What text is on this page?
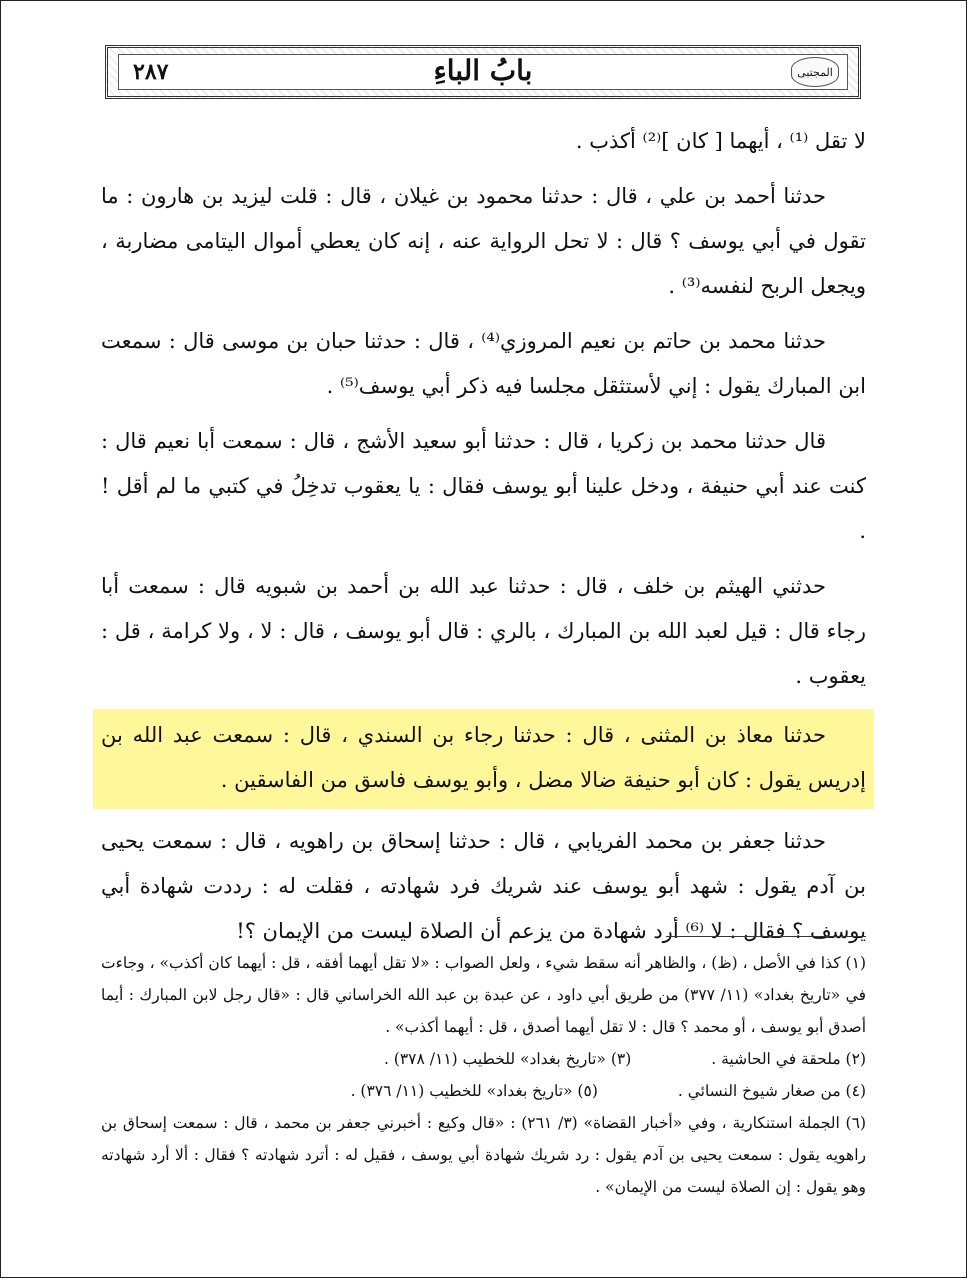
٢٨٧	بابُ الباءِ	المجتبى

لا تقل ⁽¹⁾ ، أيهما [ كان ]⁽²⁾ أكذب .

حدثنا أحمد بن علي ، قال : حدثنا محمود بن غيلان ، قال : قلت ليزيد بن هارون : ما تقول في أبي يوسف ؟ قال : لا تحل الرواية عنه ، إنه كان يعطي أموال اليتامى مضاربة ، ويجعل الربح لنفسه⁽³⁾ .

حدثنا محمد بن حاتم بن نعيم المروزي⁽⁴⁾ ، قال : حدثنا حبان بن موسى قال : سمعت ابن المبارك يقول : إني لأستثقل مجلسا فيه ذكر أبي يوسف⁽⁵⁾ .

قال حدثنا محمد بن زكريا ، قال : حدثنا أبو سعيد الأشج ، قال : سمعت أبا نعيم قال : كنت عند أبي حنيفة ، ودخل علينا أبو يوسف فقال : يا يعقوب تدخِلُ في كتبي ما لم أقل ! .

حدثني الهيثم بن خلف ، قال : حدثنا عبد الله بن أحمد بن شبويه قال : سمعت أبا رجاء قال : قيل لعبد الله بن المبارك ، بالري : قال أبو يوسف ، قال : لا ، ولا كرامة ، قل : يعقوب .

حدثنا معاذ بن المثنى ، قال : حدثنا رجاء بن السندي ، قال : سمعت عبد الله بن إدريس يقول : كان أبو حنيفة ضالا مضل ، وأبو يوسف فاسق من الفاسقين .

حدثنا جعفر بن محمد الفريابي ، قال : حدثنا إسحاق بن راهويه ، قال : سمعت يحيى بن آدم يقول : شهد أبو يوسف عند شريك فرد شهادته ، فقلت له : رددت شهادة أبي يوسف ؟ فقال : لا ⁽⁶⁾ أرد شهادة من يزعم أن الصلاة ليست من الإيمان ؟!

(١) كذا في الأصل ، (ظ) ، والظاهر أنه سقط شيء ، ولعل الصواب : «لا تقل أيهما أفقه ، قل : أيهما كان أكذب» ، وجاءت في «تاريخ بغداد» (١١/ ٣٧٧) من طريق أبي داود ، عن عبدة بن عبد الله الخراساني قال : «قال رجل لابن المبارك : أيما أصدق أبو يوسف ، أو محمد ؟ قال : لا تقل أيهما أصدق ، قل : أيهما أكذب» .

(٢) ملحقة في الحاشية .
(٣) «تاريخ بغداد» للخطيب (١١/ ٣٧٨) .
(٤) من صغار شيوخ النسائي .
(٥) «تاريخ بغداد» للخطيب (١١/ ٣٧٦) .

(٦) الجملة استنكارية ، وفي «أخبار القضاة» (٣/ ٢٦١) : «قال وكيع : أخبرني جعفر بن محمد ، قال : سمعت إسحاق بن راهويه يقول : سمعت يحيى بن آدم يقول : رد شريك شهادة أبي يوسف ، فقيل له : أترد شهادته ؟ فقال : ألا أرد شهادته وهو يقول : إن الصلاة ليست من الإيمان» .
